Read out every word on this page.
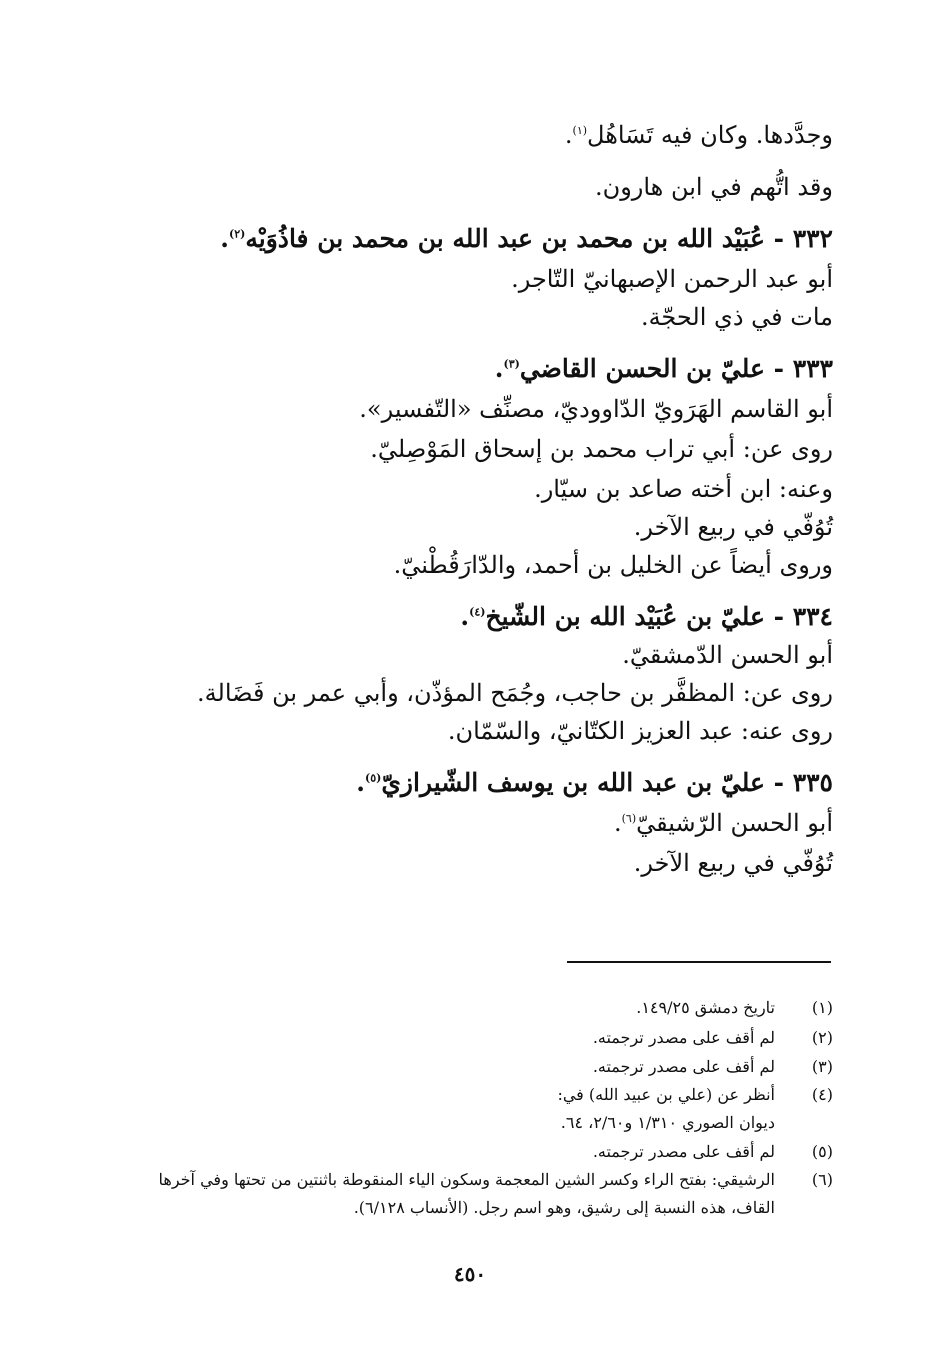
وجدَّدها. وكان فيه تَسَاهُل$^{(١)}$.
وقد اتُّهم في ابن هارون.
٣٣٢ - عُبَيْد الله بن محمد بن عبد الله بن محمد بن فاذُوَيْه$^{(٢)}$.
أبو عبد الرحمن الإصبهانيّ التّاجر.
مات في ذي الحجّة.
٣٣٣ - عليّ بن الحسن القاضي$^{(٣)}$.
أبو القاسم الهَرَويّ الدّاووديّ، مصنِّف «التّفسير».
روى عن: أبي تراب محمد بن إسحاق المَوْصِليّ.
وعنه: ابن أخته صاعد بن سيّار.
تُوُفّي في ربيع الآخر.
وروى أيضاً عن الخليل بن أحمد، والدّارَقُطْنيّ.
٣٣٤ - عليّ بن عُبَيْد الله بن الشّيخ$^{(٤)}$.
أبو الحسن الدّمشقيّ.
روى عن: المظفَّر بن حاجب، وجُمَح المؤذّن، وأبي عمر بن فَضَالة.
روى عنه: عبد العزيز الكتّانيّ، والسّمّان.
٣٣٥ - عليّ بن عبد الله بن يوسف الشّيرازيّ$^{(٥)}$.
أبو الحسن الرّشيقيّ$^{(٦)}$.
تُوُفّي في ربيع الآخر.
(١)
تاريخ دمشق ١٤٩/٢٥.
(٢)
لم أقف على مصدر ترجمته.
(٣)
لم أقف على مصدر ترجمته.
(٤)
أنظر عن (علي بن عبيد الله) في:
ديوان الصوري ١/٣١٠ و٢/٦٠، ٦٤.
(٥)
لم أقف على مصدر ترجمته.
(٦)
الرشيقي: بفتح الراء وكسر الشين المعجمة وسكون الياء المنقوطة باثنتين من تحتها وفي آخرها
القاف، هذه النسبة إلى رشيق، وهو اسم رجل. (الأنساب ٦/١٢٨).
٤٥٠
